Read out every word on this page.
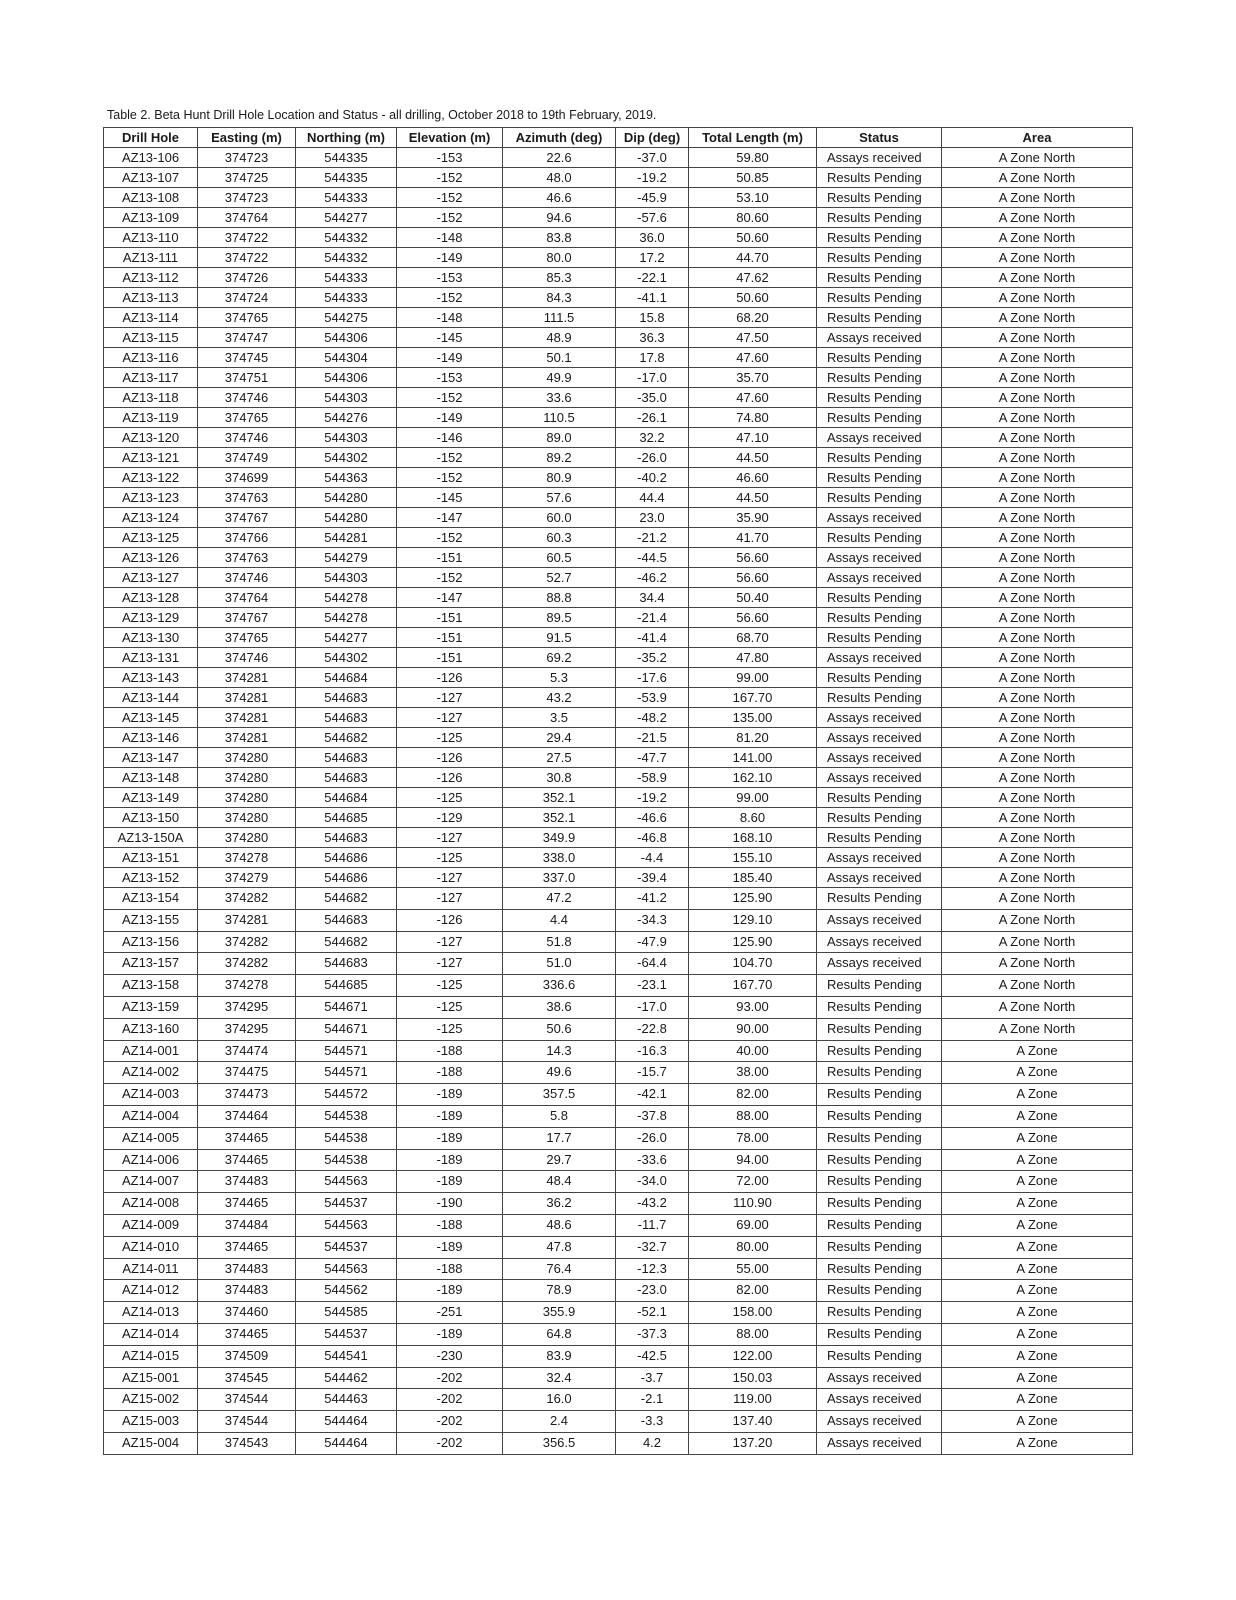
Table 2. Beta Hunt Drill Hole Location and Status - all drilling, October 2018 to 19th February, 2019.
Drill Hole	Easting (m)	Northing (m)	Elevation (m)	Azimuth (deg)	Dip (deg)	Total Length (m)	Status	Area
AZ13-106	374723	544335	-153	22.6	-37.0	59.80	Assays received	A Zone North
AZ13-107	374725	544335	-152	48.0	-19.2	50.85	Results Pending	A Zone North
AZ13-108	374723	544333	-152	46.6	-45.9	53.10	Results Pending	A Zone North
AZ13-109	374764	544277	-152	94.6	-57.6	80.60	Results Pending	A Zone North
AZ13-110	374722	544332	-148	83.8	36.0	50.60	Results Pending	A Zone North
AZ13-111	374722	544332	-149	80.0	17.2	44.70	Results Pending	A Zone North
AZ13-112	374726	544333	-153	85.3	-22.1	47.62	Results Pending	A Zone North
AZ13-113	374724	544333	-152	84.3	-41.1	50.60	Results Pending	A Zone North
AZ13-114	374765	544275	-148	111.5	15.8	68.20	Results Pending	A Zone North
AZ13-115	374747	544306	-145	48.9	36.3	47.50	Assays received	A Zone North
AZ13-116	374745	544304	-149	50.1	17.8	47.60	Results Pending	A Zone North
AZ13-117	374751	544306	-153	49.9	-17.0	35.70	Results Pending	A Zone North
AZ13-118	374746	544303	-152	33.6	-35.0	47.60	Results Pending	A Zone North
AZ13-119	374765	544276	-149	110.5	-26.1	74.80	Results Pending	A Zone North
AZ13-120	374746	544303	-146	89.0	32.2	47.10	Assays received	A Zone North
AZ13-121	374749	544302	-152	89.2	-26.0	44.50	Results Pending	A Zone North
AZ13-122	374699	544363	-152	80.9	-40.2	46.60	Results Pending	A Zone North
AZ13-123	374763	544280	-145	57.6	44.4	44.50	Results Pending	A Zone North
AZ13-124	374767	544280	-147	60.0	23.0	35.90	Assays received	A Zone North
AZ13-125	374766	544281	-152	60.3	-21.2	41.70	Results Pending	A Zone North
AZ13-126	374763	544279	-151	60.5	-44.5	56.60	Assays received	A Zone North
AZ13-127	374746	544303	-152	52.7	-46.2	56.60	Assays received	A Zone North
AZ13-128	374764	544278	-147	88.8	34.4	50.40	Results Pending	A Zone North
AZ13-129	374767	544278	-151	89.5	-21.4	56.60	Results Pending	A Zone North
AZ13-130	374765	544277	-151	91.5	-41.4	68.70	Results Pending	A Zone North
AZ13-131	374746	544302	-151	69.2	-35.2	47.80	Assays received	A Zone North
AZ13-143	374281	544684	-126	5.3	-17.6	99.00	Results Pending	A Zone North
AZ13-144	374281	544683	-127	43.2	-53.9	167.70	Results Pending	A Zone North
AZ13-145	374281	544683	-127	3.5	-48.2	135.00	Assays received	A Zone North
AZ13-146	374281	544682	-125	29.4	-21.5	81.20	Assays received	A Zone North
AZ13-147	374280	544683	-126	27.5	-47.7	141.00	Assays received	A Zone North
AZ13-148	374280	544683	-126	30.8	-58.9	162.10	Assays received	A Zone North
AZ13-149	374280	544684	-125	352.1	-19.2	99.00	Results Pending	A Zone North
AZ13-150	374280	544685	-129	352.1	-46.6	8.60	Results Pending	A Zone North
AZ13-150A	374280	544683	-127	349.9	-46.8	168.10	Results Pending	A Zone North
AZ13-151	374278	544686	-125	338.0	-4.4	155.10	Assays received	A Zone North
AZ13-152	374279	544686	-127	337.0	-39.4	185.40	Assays received	A Zone North
AZ13-154	374282	544682	-127	47.2	-41.2	125.90	Results Pending	A Zone North
AZ13-155	374281	544683	-126	4.4	-34.3	129.10	Assays received	A Zone North
AZ13-156	374282	544682	-127	51.8	-47.9	125.90	Assays received	A Zone North
AZ13-157	374282	544683	-127	51.0	-64.4	104.70	Assays received	A Zone North
AZ13-158	374278	544685	-125	336.6	-23.1	167.70	Results Pending	A Zone North
AZ13-159	374295	544671	-125	38.6	-17.0	93.00	Results Pending	A Zone North
AZ13-160	374295	544671	-125	50.6	-22.8	90.00	Results Pending	A Zone North
AZ14-001	374474	544571	-188	14.3	-16.3	40.00	Results Pending	A Zone
AZ14-002	374475	544571	-188	49.6	-15.7	38.00	Results Pending	A Zone
AZ14-003	374473	544572	-189	357.5	-42.1	82.00	Results Pending	A Zone
AZ14-004	374464	544538	-189	5.8	-37.8	88.00	Results Pending	A Zone
AZ14-005	374465	544538	-189	17.7	-26.0	78.00	Results Pending	A Zone
AZ14-006	374465	544538	-189	29.7	-33.6	94.00	Results Pending	A Zone
AZ14-007	374483	544563	-189	48.4	-34.0	72.00	Results Pending	A Zone
AZ14-008	374465	544537	-190	36.2	-43.2	110.90	Results Pending	A Zone
AZ14-009	374484	544563	-188	48.6	-11.7	69.00	Results Pending	A Zone
AZ14-010	374465	544537	-189	47.8	-32.7	80.00	Results Pending	A Zone
AZ14-011	374483	544563	-188	76.4	-12.3	55.00	Results Pending	A Zone
AZ14-012	374483	544562	-189	78.9	-23.0	82.00	Results Pending	A Zone
AZ14-013	374460	544585	-251	355.9	-52.1	158.00	Results Pending	A Zone
AZ14-014	374465	544537	-189	64.8	-37.3	88.00	Results Pending	A Zone
AZ14-015	374509	544541	-230	83.9	-42.5	122.00	Results Pending	A Zone
AZ15-001	374545	544462	-202	32.4	-3.7	150.03	Assays received	A Zone
AZ15-002	374544	544463	-202	16.0	-2.1	119.00	Assays received	A Zone
AZ15-003	374544	544464	-202	2.4	-3.3	137.40	Assays received	A Zone
AZ15-004	374543	544464	-202	356.5	4.2	137.20	Assays received	A Zone
